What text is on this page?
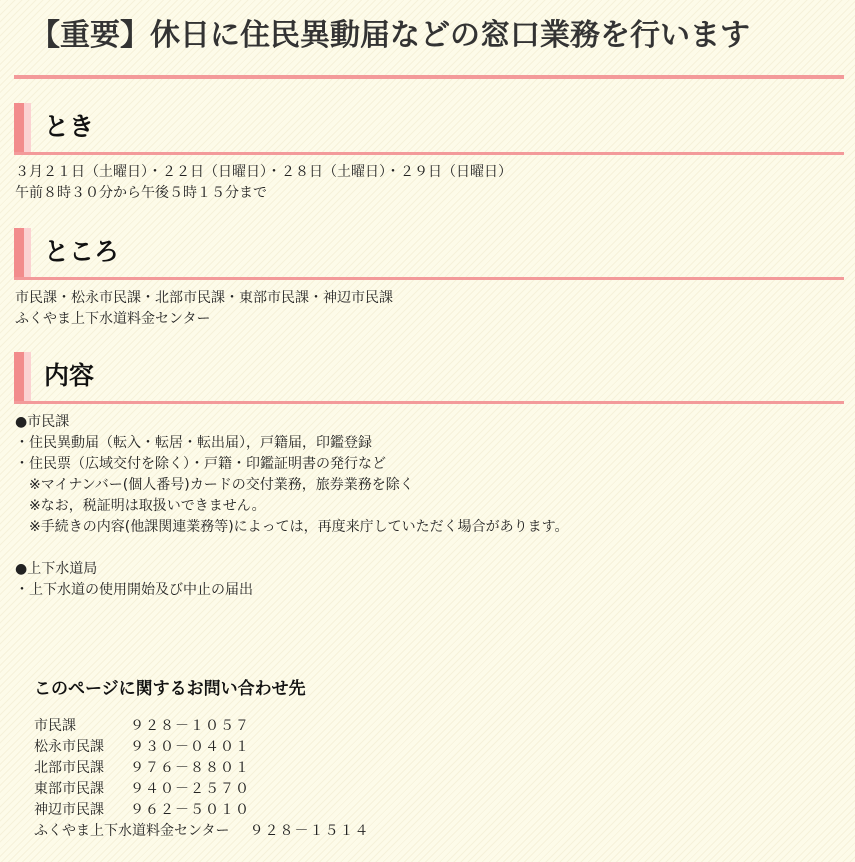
【重要】休日に住民異動届などの窓口業務を行います
とき
３月２１日（土曜日）・２２日（日曜日）・２８日（土曜日）・２９日（日曜日）
午前８時３０分から午後５時１５分まで
ところ
市民課・松永市民課・北部市民課・東部市民課・神辺市民課
ふくやま上下水道料金センター
内容
●市民課
・住民異動届（転入・転居・転出届），戸籍届，印鑑登録
・住民票（広域交付を除く）・戸籍・印鑑証明書の発行など
※マイナンバー(個人番号)カードの交付業務，旅券業務を除く
※なお，税証明は取扱いできません。
※手続きの内容(他課関連業務等)によっては，再度来庁していただく場合があります。
●上下水道局
・上下水道の使用開始及び中止の届出
このページに関するお問い合わせ先
市民課	９２８－１０５７
松永市民課 ９３０－０４０１
北部市民課 ９７６－８８０１
東部市民課 ９４０－２５７０
神辺市民課 ９６２－５０１０
ふくやま上下水道料金センター ９２８－１５１４
